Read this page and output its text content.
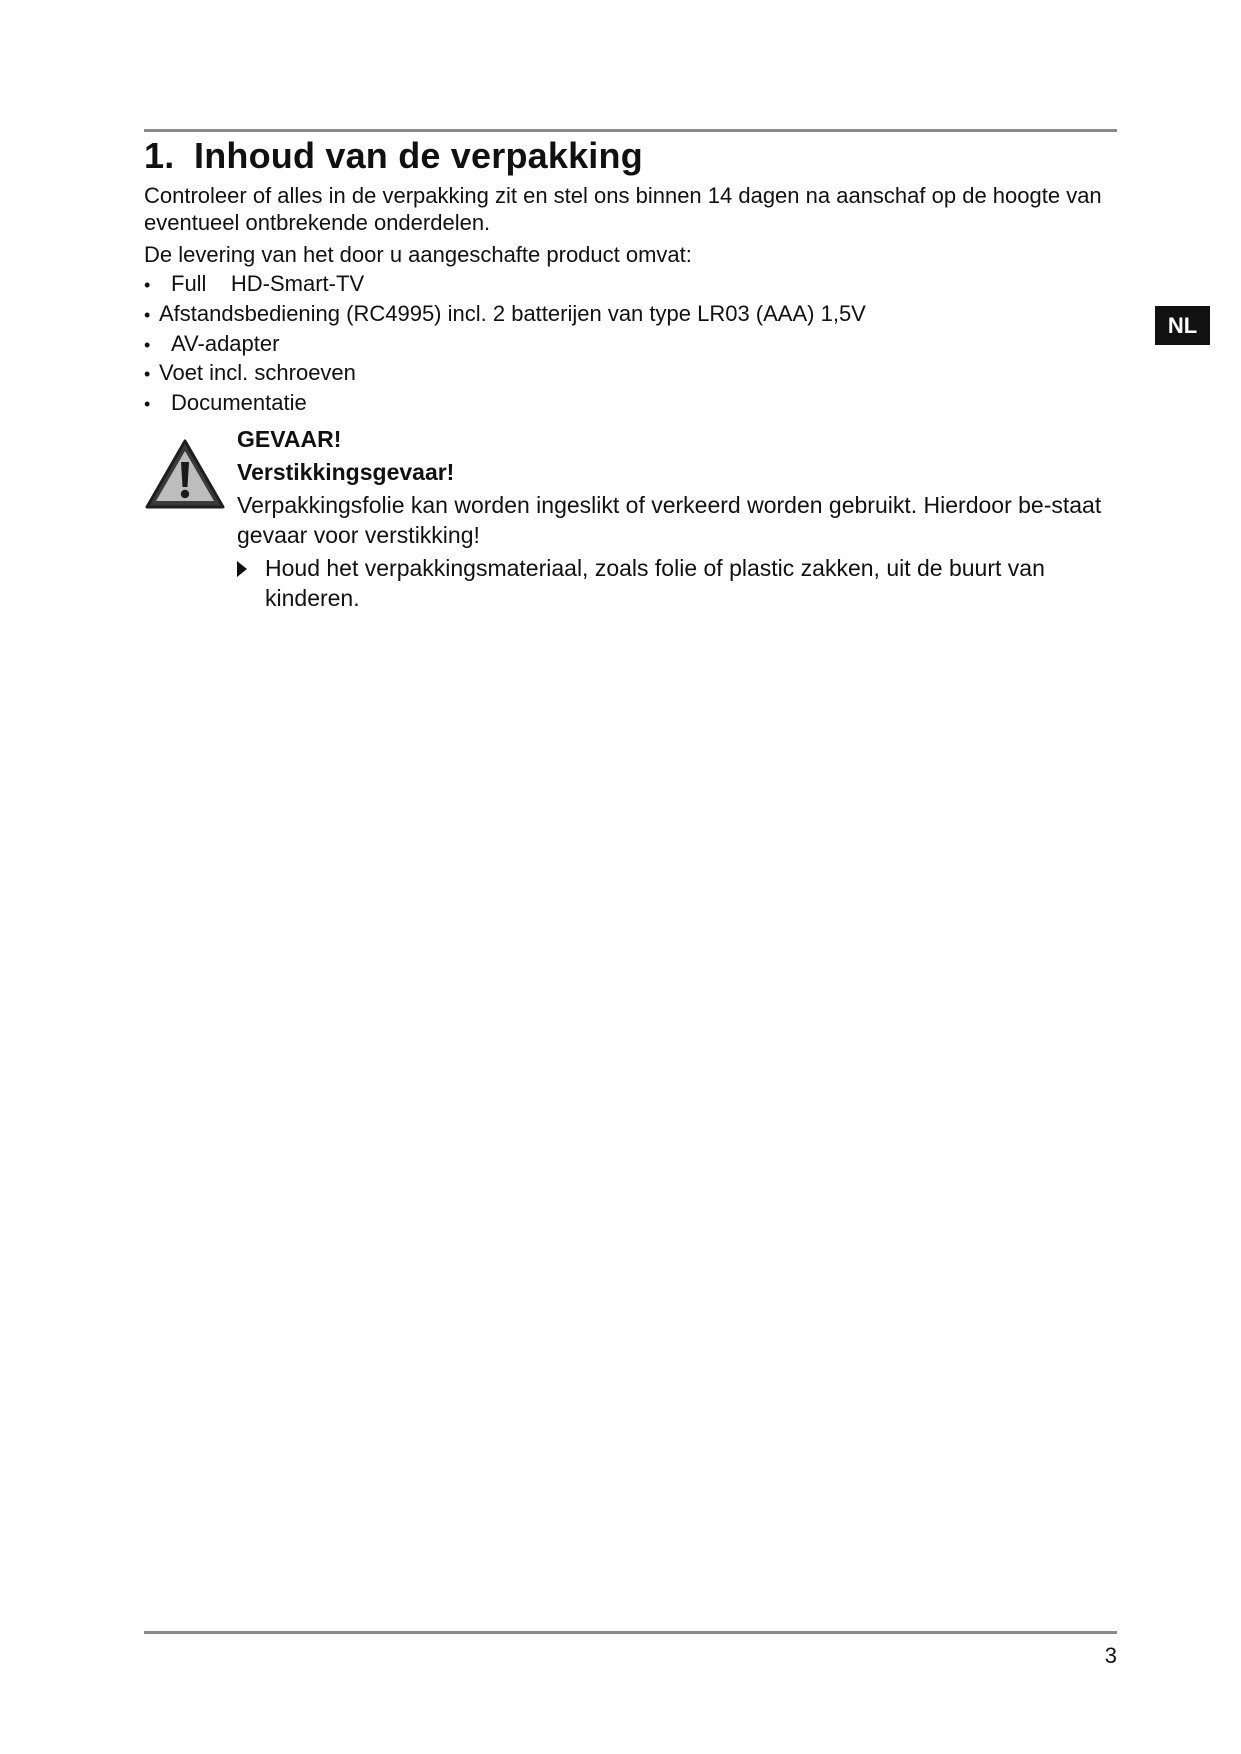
1. Inhoud van de verpakking

Controleer of alles in de verpakking zit en stel ons binnen 14 dagen na aanschaf op de hoogte van eventueel ontbrekende onderdelen.

De levering van het door u aangeschafte product omvat:

• Full    HD-Smart-TV
• Afstandsbediening (RC4995) incl. 2 batterijen van type LR03 (AAA) 1,5V
• AV-adapter
• Voet incl. schroeven
• Documentatie
NL

GEVAAR!

Verstikkingsgevaar!

Verpakkingsfolie kan worden ingeslikt of verkeerd worden gebruikt. Hierdoor be-staat gevaar voor verstikking!

Houd het verpakkingsmateriaal, zoals folie of plastic zakken, uit de buurt van kinderen.
3
